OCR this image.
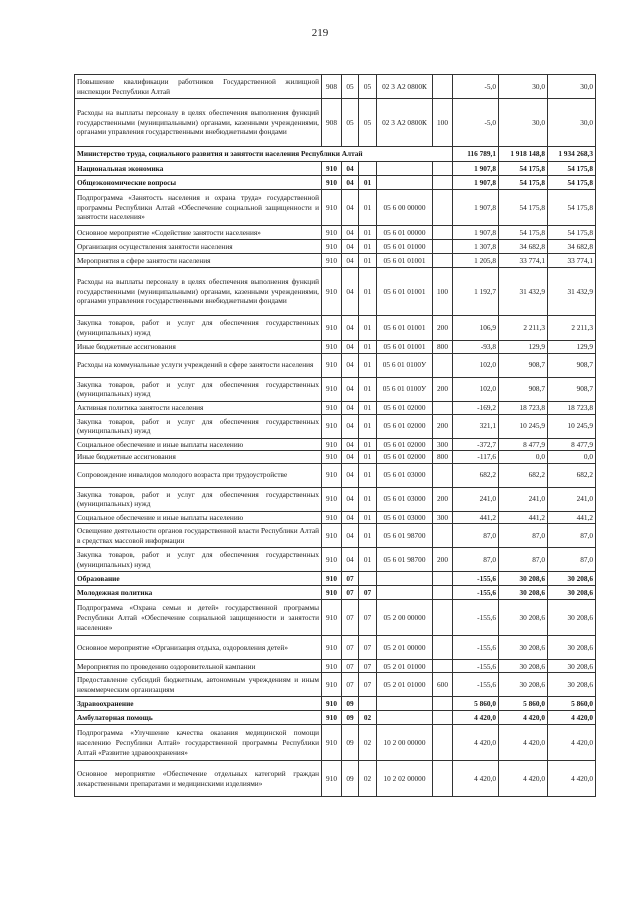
219
Повышение квалификации работников Государственной жилищной инспекции Республики Алтай	908	05	05	02 3 А2 0800К		-5,0	30,0	30,0
Расходы на выплаты персоналу в целях обеспечения выполнения функций государственными (муниципальными) органами, казенными учреждениями, органами управления государственными внебюджетными фондами	908	05	05	02 3 А2 0800К	100	-5,0	30,0	30,0
Министерство труда, социального развития и занятости населения Республики Алтай						116 789,1	1 918 148,8	1 934 268,3
Национальная экономика	910	04				1 907,8	54 175,8	54 175,8
Общеэкономические вопросы	910	04	01			1 907,8	54 175,8	54 175,8
Подпрограмма «Занятость населения и охрана труда» государственной программы Республики Алтай «Обеспечение социальной защищенности и занятости населения»	910	04	01	05 6 00 00000		1 907,8	54 175,8	54 175,8
Основное мероприятие «Содействие занятости населения»	910	04	01	05 6 01 00000		1 907,8	54 175,8	54 175,8
Организация осуществления занятости населения	910	04	01	05 6 01 01000		1 307,8	34 682,8	34 682,8
Мероприятия в сфере занятости населения	910	04	01	05 6 01 01001		1 205,8	33 774,1	33 774,1
Расходы на выплаты персоналу в целях обеспечения выполнения функций государственными (муниципальными) органами, казенными учреждениями, органами управления государственными внебюджетными фондами	910	04	01	05 6 01 01001	100	1 192,7	31 432,9	31 432,9
Закупка товаров, работ и услуг для обеспечения государственных (муниципальных) нужд	910	04	01	05 6 01 01001	200	106,9	2 211,3	2 211,3
Иные бюджетные ассигнования	910	04	01	05 6 01 01001	800	-93,8	129,9	129,9
Расходы на коммунальные услуги учреждений в сфере занятости населения	910	04	01	05 6 01 0100У		102,0	908,7	908,7
Закупка товаров, работ и услуг для обеспечения государственных (муниципальных) нужд	910	04	01	05 6 01 0100У	200	102,0	908,7	908,7
Активная политика занятости населения	910	04	01	05 6 01 02000		-169,2	18 723,8	18 723,8
Закупка товаров, работ и услуг для обеспечения государственных (муниципальных) нужд	910	04	01	05 6 01 02000	200	321,1	10 245,9	10 245,9
Социальное обеспечение и иные выплаты населению	910	04	01	05 6 01 02000	300	-372,7	8 477,9	8 477,9
Иные бюджетные ассигнования	910	04	01	05 6 01 02000	800	-117,6	0,0	0,0
Сопровождение инвалидов молодого возраста при трудоустройстве	910	04	01	05 6 01 03000		682,2	682,2	682,2
Закупка товаров, работ и услуг для обеспечения государственных (муниципальных) нужд	910	04	01	05 6 01 03000	200	241,0	241,0	241,0
Социальное обеспечение и иные выплаты населению	910	04	01	05 6 01 03000	300	441,2	441,2	441,2
Освещение деятельности органов государственной власти Республики Алтай в средствах массовой информации	910	04	01	05 6 01 98700		87,0	87,0	87,0
Закупка товаров, работ и услуг для обеспечения государственных (муниципальных) нужд	910	04	01	05 6 01 98700	200	87,0	87,0	87,0
Образование	910	07				-155,6	30 208,6	30 208,6
Молодежная политика	910	07	07			-155,6	30 208,6	30 208,6
Подпрограмма «Охрана семьи и детей» государственной программы Республики Алтай «Обеспечение социальной защищенности и занятости населения»	910	07	07	05 2 00 00000		-155,6	30 208,6	30 208,6
Основное мероприятие «Организация отдыха, оздоровления детей»	910	07	07	05 2 01 00000		-155,6	30 208,6	30 208,6
Мероприятия по проведению оздоровительной кампании	910	07	07	05 2 01 01000		-155,6	30 208,6	30 208,6
Предоставление субсидий бюджетным, автономным учреждениям и иным некоммерческим организациям	910	07	07	05 2 01 01000	600	-155,6	30 208,6	30 208,6
Здравоохранение	910	09				5 860,0	5 860,0	5 860,0
Амбулаторная помощь	910	09	02			4 420,0	4 420,0	4 420,0
Подпрограмма «Улучшение качества оказания медицинской помощи населению Республики Алтай» государственной программы Республики Алтай «Развитие здравоохранения»	910	09	02	10 2 00 00000		4 420,0	4 420,0	4 420,0
Основное мероприятие «Обеспечение отдельных категорий граждан лекарственными препаратами и медицинскими изделиями»	910	09	02	10 2 02 00000		4 420,0	4 420,0	4 420,0
